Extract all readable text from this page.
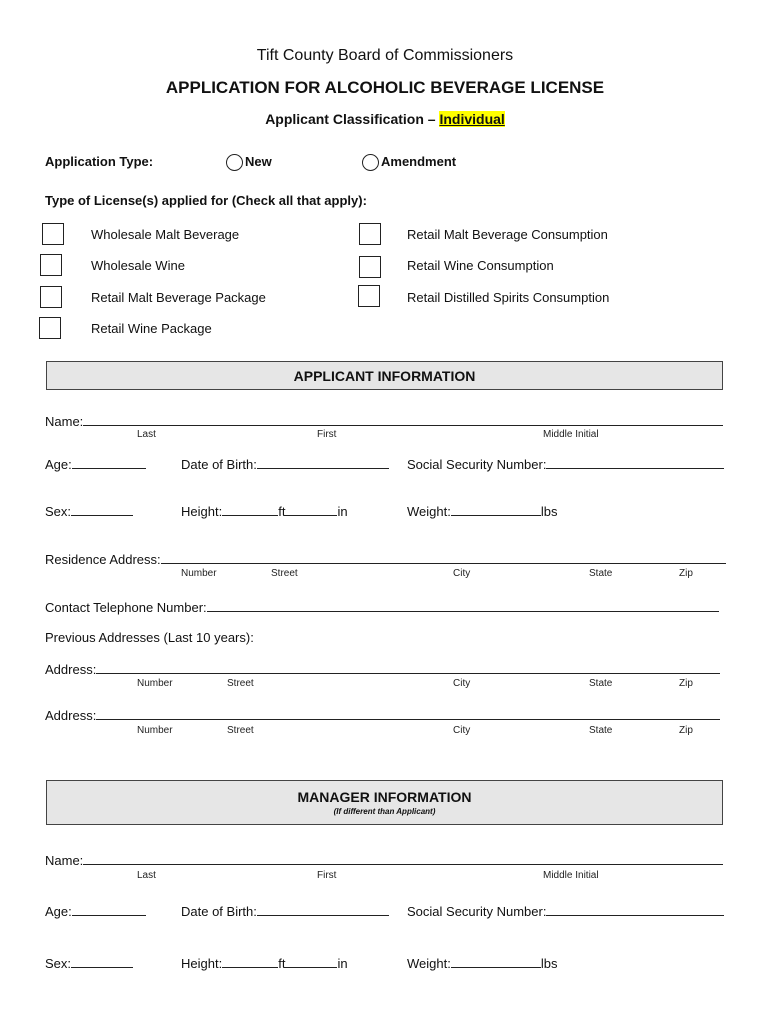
Tift County Board of Commissioners
APPLICATION FOR ALCOHOLIC BEVERAGE LICENSE
Applicant Classification – Individual
Application Type:	New	Amendment
Type of License(s) applied for (Check all that apply):
Wholesale Malt Beverage
Wholesale Wine
Retail Malt Beverage Package
Retail Wine Package
Retail Malt Beverage Consumption
Retail Wine Consumption
Retail Distilled Spirits Consumption
APPLICANT INFORMATION
Name:
Last	First	Middle Initial
Age:	Date of Birth:	Social Security Number:
Sex:	Height:	ft	in	Weight:	lbs
Residence Address:
Number	Street	City	State	Zip
Contact Telephone Number:
Previous Addresses (Last 10 years):
Address:
Number	Street	City	State	Zip
Address:
Number	Street	City	State	Zip
MANAGER INFORMATION
(If different than Applicant)
Name:
Last	First	Middle Initial
Age:	Date of Birth:	Social Security Number:
Sex:	Height:	ft	in	Weight:	lbs
